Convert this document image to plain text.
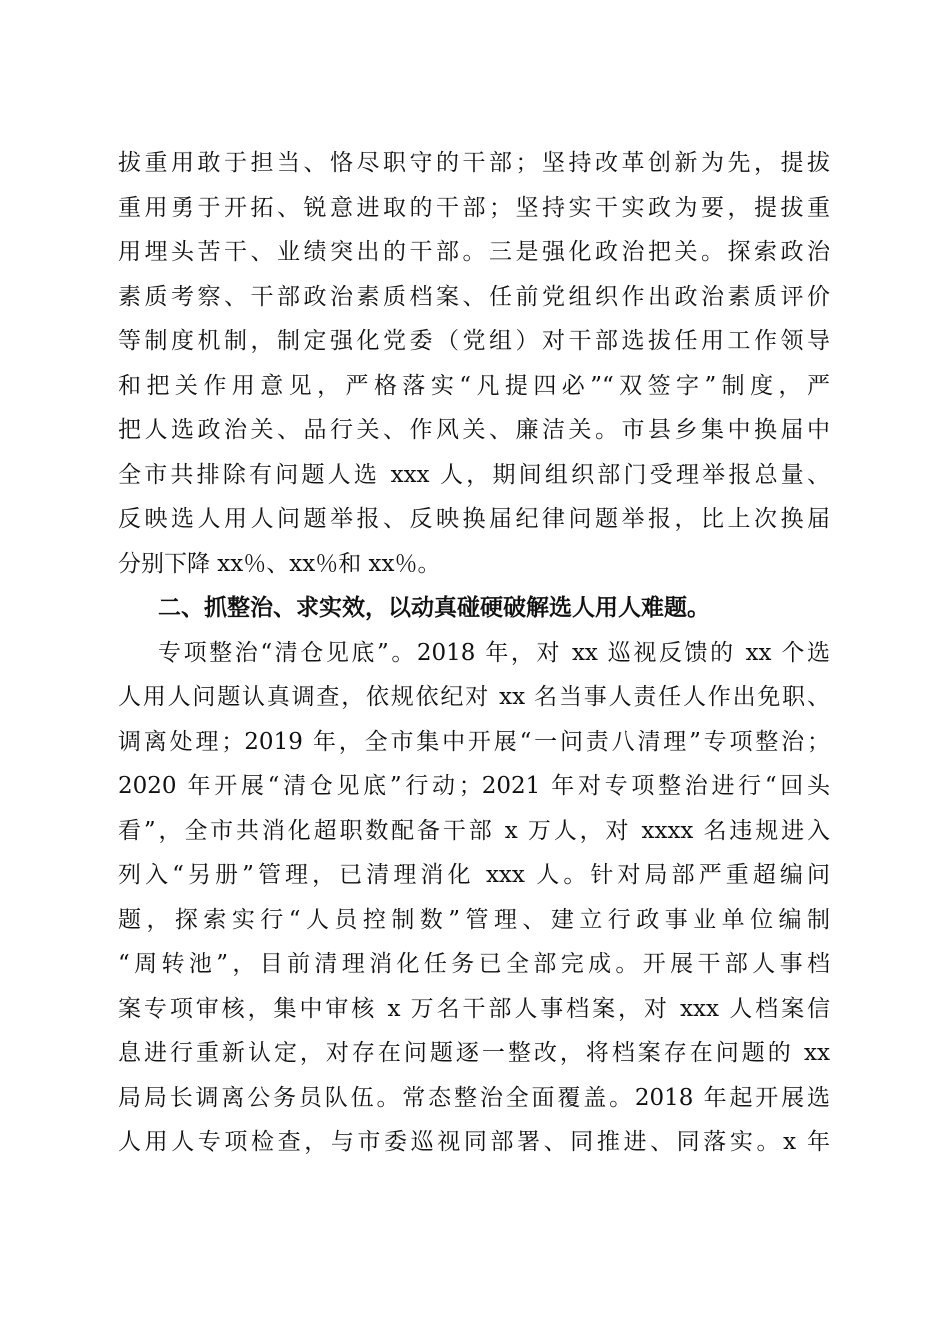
拔重用敢于担当、恪尽职守的干部；坚持改革创新为先，提拔
重用勇于开拓、锐意进取的干部；坚持实干实政为要，提拔重
用埋头苦干、业绩突出的干部。三是强化政治把关。探索政治
素质考察、干部政治素质档案、任前党组织作出政治素质评价
等制度机制，制定强化党委（党组）对干部选拔任用工作领导
和把关作用意见，严格落实“凡提四必”“双签字”制度，严
把人选政治关、品行关、作风关、廉洁关。市县乡集中换届中
全市共排除有问题人选 xxx 人，期间组织部门受理举报总量、
反映选人用人问题举报、反映换届纪律问题举报，比上次换届
分别下降 xx％、xx％和 xx％。
二、抓整治、求实效，以动真碰硬破解选人用人难题。
专项整治“清仓见底”。2018 年，对 xx 巡视反馈的 xx 个选
人用人问题认真调查，依规依纪对 xx 名当事人责任人作出免职、
调离处理；2019 年，全市集中开展“一问责八清理”专项整治；
2020 年开展“清仓见底”行动；2021 年对专项整治进行“回头
看”，全市共消化超职数配备干部 x 万人，对 xxxx 名违规进入
列入“另册”管理，已清理消化 xxx 人。针对局部严重超编问
题，探索实行“人员控制数”管理、建立行政事业单位编制
“周转池”，目前清理消化任务已全部完成。开展干部人事档
案专项审核，集中审核 x 万名干部人事档案，对 xxx 人档案信
息进行重新认定，对存在问题逐一整改，将档案存在问题的 xx
局局长调离公务员队伍。常态整治全面覆盖。2018 年起开展选
人用人专项检查，与市委巡视同部署、同推进、同落实。x 年
